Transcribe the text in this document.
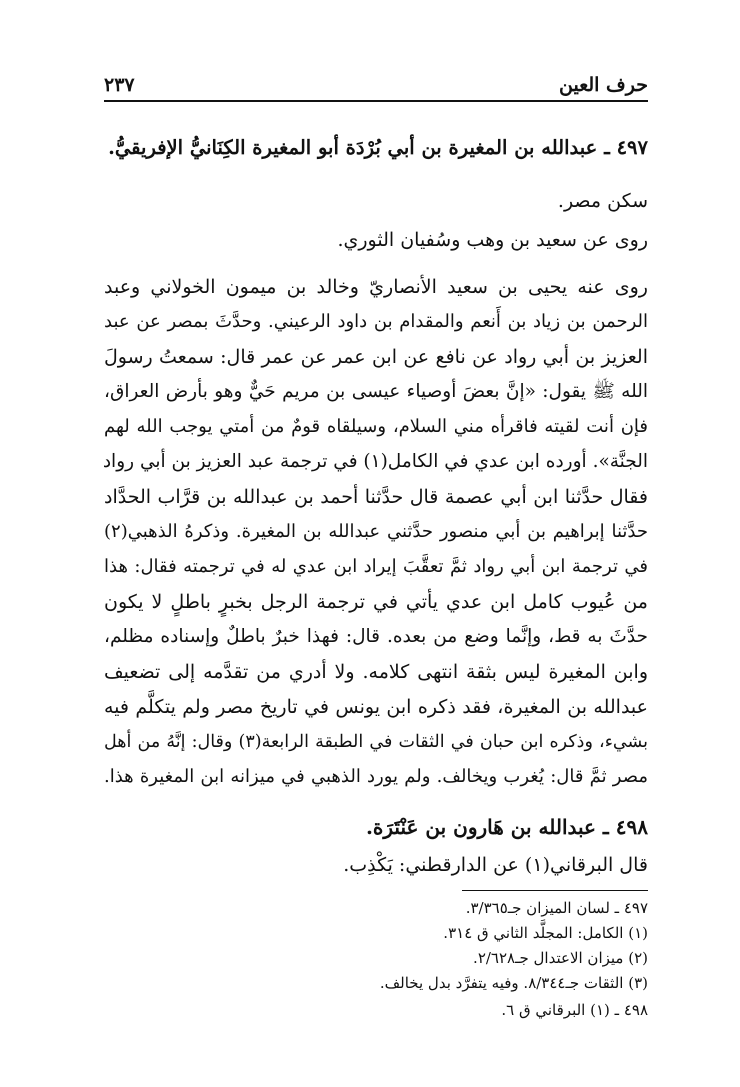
حرف العين
٢٣٧
٤٩٧ ـ عبدالله بن المغيرة بن أبي بُرْدَة أبو المغيرة الكِنَانيُّ الإفريقيُّ.
سكن مصر.
روى عن سعيد بن وهب وسُفيان الثوري.
روى عنه يحيى بن سعيد الأنصاريّ وخالد بن ميمون الخولاني وعبد
الرحمن بن زياد بن أَنعم والمقدام بن داود الرعيني. وحدَّثَ بمصر عن عبد
العزيز بن أبي رواد عن نافع عن ابن عمر عن عمر قال: سمعتُ رسولَ
الله ﷺ يقول: «إنَّ بعضَ أوصياء عيسى بن مريم حَيٌّ وهو بأرض العراق،
فإن أنت لقيته فاقرأه مني السلام، وسيلقاه قومٌ من أمتي يوجب الله لهم
الجنَّة». أورده ابن عدي في الكامل(١) في ترجمة عبد العزيز بن أبي رواد
فقال حدَّثنا ابن أبي عصمة قال حدَّثنا أحمد بن عبدالله بن قرَّاب الحدَّاد
حدَّثنا إبراهيم بن أبي منصور حدَّثني عبدالله بن المغيرة. وذكرهُ الذهبي(٢)
في ترجمة ابن أبي رواد ثمَّ تعقَّبَ إيراد ابن عدي له في ترجمته فقال: هذا
من عُيوب كامل ابن عدي يأتي في ترجمة الرجل بخبرٍ باطلٍ لا يكون
حدَّثَ به قط، وإنَّما وضع من بعده. قال: فهذا خبرٌ باطلٌ وإسناده مظلم،
وابن المغيرة ليس بثقة انتهى كلامه. ولا أدري من تقدَّمه إلى تضعيف
عبدالله بن المغيرة، فقد ذكره ابن يونس في تاريخ مصر ولم يتكلَّم فيه
بشيء، وذكره ابن حبان في الثقات في الطبقة الرابعة(٣) وقال: إنَّهُ من أهل
مصر ثمَّ قال: يُغرب ويخالف. ولم يورد الذهبي في ميزانه ابن المغيرة هذا.
٤٩٨ ـ عبدالله بن هَارون بن عَنْتَرَة.
قال البرقاني(١) عن الدارقطني: يَكْذِب.
٤٩٧ ـ لسان الميزان جـ٣/٣٦٥.
(١) الكامل: المجلَّد الثاني ق ٣١٤.
(٢) ميزان الاعتدال جـ٢/٦٢٨.
(٣) الثقات جـ٨/٣٤٤. وفيه يتفرَّد بدل يخالف.
٤٩٨ ـ (١) البرقاني ق ٦.
